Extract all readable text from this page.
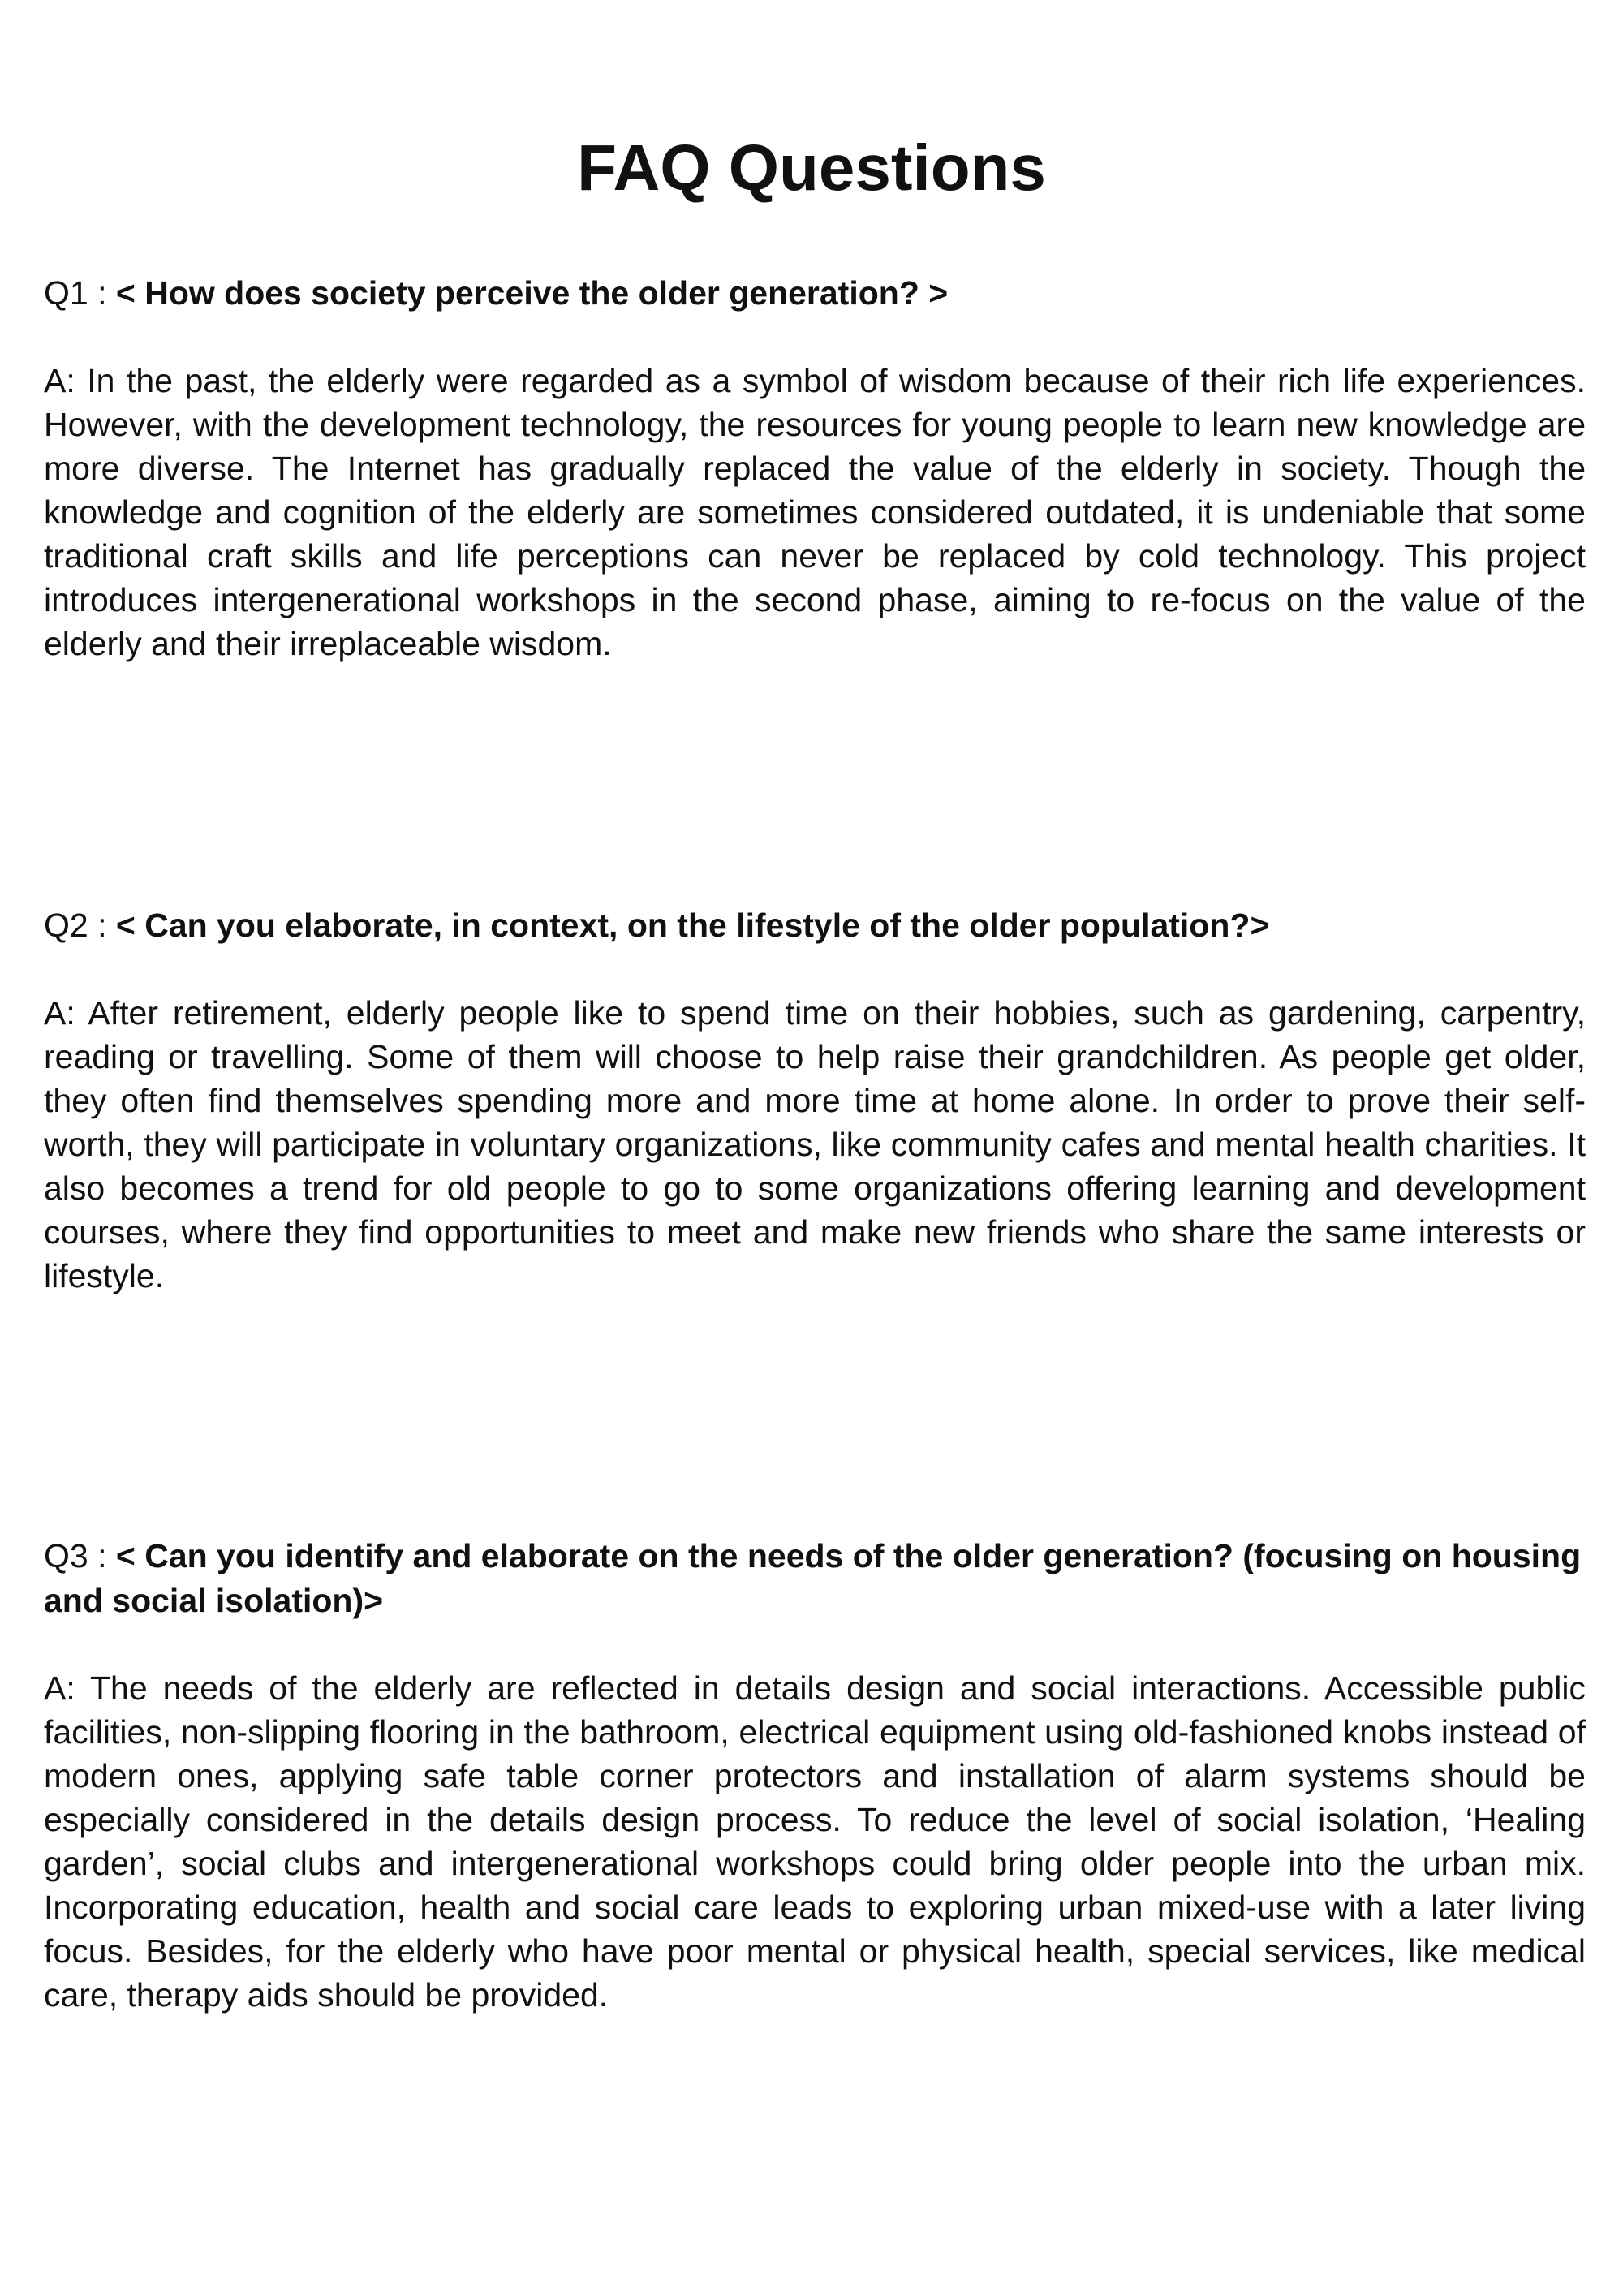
FAQ Questions

Q1 : < How does society perceive the older generation? >

A: In the past, the elderly were regarded as a symbol of wisdom because of their rich life experiences. However, with the development technology, the resources for young people to learn new knowledge are more diverse. The Internet has gradually replaced the value of the elderly in society. Though the knowledge and cognition of the elderly are sometimes considered outdated, it is undeniable that some traditional craft skills and life perceptions can never be replaced by cold technology. This project introduces intergenerational workshops in the second phase, aiming to re-focus on the value of the elderly and their irreplaceable wisdom.

Q2 : < Can you elaborate, in context, on the lifestyle of the older population?>

A: After retirement, elderly people like to spend time on their hobbies, such as gardening, carpentry, reading or travelling. Some of them will choose to help raise their grandchildren. As people get older, they often find themselves spending more and more time at home alone. In order to prove their self- worth, they will participate in voluntary organizations, like community cafes and mental health charities. It also becomes a trend for old people to go to some organizations offering learning and development courses, where they find opportunities to meet and make new friends who share the same interests or lifestyle.

Q3 : < Can you identify and elaborate on the needs of the older generation? (focusing on housing and social isolation)>

A: The needs of the elderly are reflected in details design and social interactions. Accessible public facilities, non-slipping flooring in the bathroom, electrical equipment using old-fashioned knobs instead of modern ones, applying safe table corner protectors and installation of alarm systems should be especially considered in the details design process. To reduce the level of social isolation, ‘Healing garden’, social clubs and intergenerational workshops could bring older people into the urban mix. Incorporating education, health and social care leads to exploring urban mixed-use with a later living focus. Besides, for the elderly who have poor mental or physical health, special services, like medical care, therapy aids should be provided.
